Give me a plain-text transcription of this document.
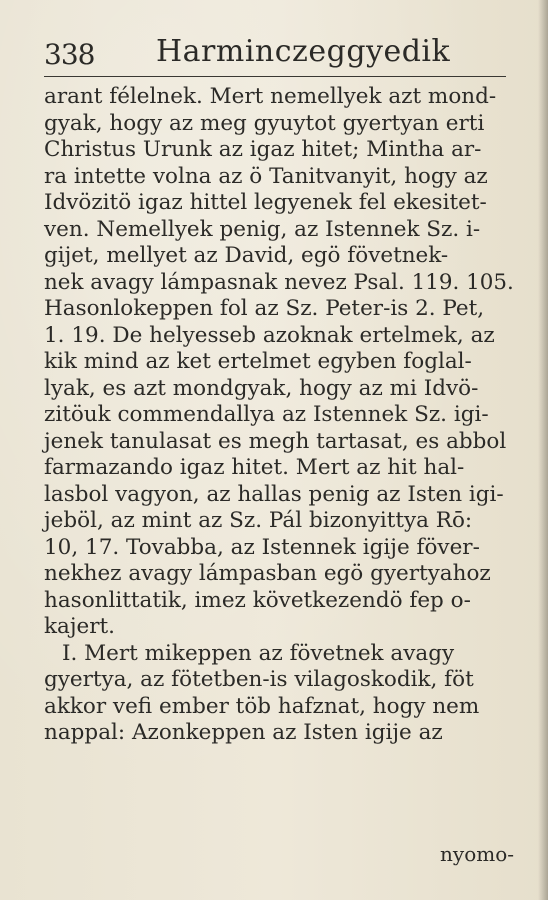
338 Harminczeggyedik
arant félelnek. Mert nemellyek azt mond-
gyak, hogy az meg gyuytot gyertyan erti
Christus Urunk az igaz hitet; Mintha ar-
ra intette volna az ö Tanitvanyit, hogy az
Idvözitö igaz hittel legyenek fel ekesitet-
ven. Nemellyek penig, az Istennek Sz. i-
gijet, mellyet az David, egö fövetnek-
nek avagy lámpasnak nevez Psal. 119. 105.
Hasonlokeppen fol az Sz. Peter-is 2. Pet,
1. 19. De helyesseb azoknak ertelmek, az
kik mind az ket ertelmet egyben foglal-
lyak, es azt mondgyak, hogy az mi Idvö-
zitöuk commendallya az Istennek Sz. igi-
jenek tanulasat es megh tartasat, es abbol
farmazando igaz hitet. Mert az hit hal-
lasbol vagyon, az hallas penig az Isten igi-
jeböl, az mint az Sz. Pál bizonyittya Rō:
10, 17. Tovabba, az Istennek igije föver-
nekhez avagy lámpasban egö gyertyahoz
hasonlittatik, imez következendö fep o-
kajert.
I. Mert mikeppen az fövetnek avagy
gyertya, az fötetben-is vilagoskodik, föt
akkor vefi ember töb hafznat, hogy nem
nappal: Azonkeppen az Isten igije az
nyomo-
